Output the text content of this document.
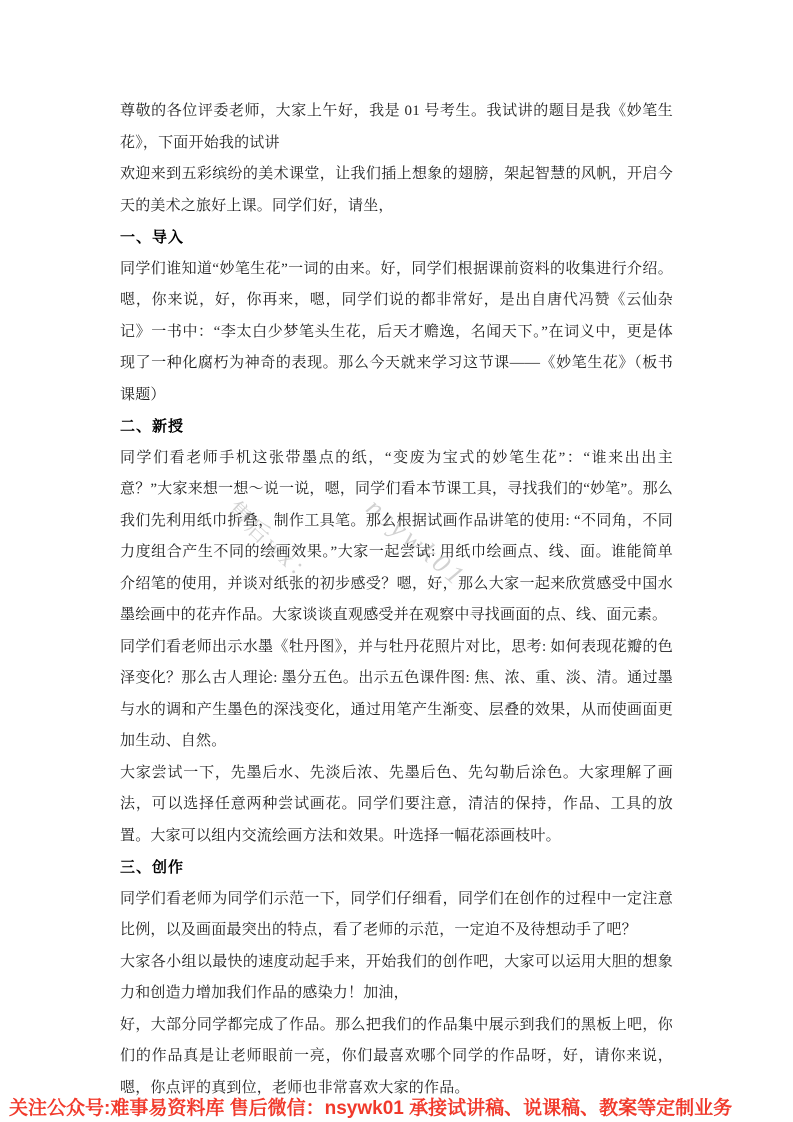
售后wx： nsywk01

尊敬的各位评委老师，大家上午好，我是 01 号考生。我试讲的题目是我《妙笔生花》，下面开始我的试讲

欢迎来到五彩缤纷的美术课堂，让我们插上想象的翅膀，架起智慧的风帆，开启今天的美术之旅好上课。同学们好，请坐，

一、导入

同学们谁知道“妙笔生花”一词的由来。好，同学们根据课前资料的收集进行介绍。嗯，你来说，好，你再来，嗯，同学们说的都非常好，是出自唐代冯赞《云仙杂记》一书中：“李太白少梦笔头生花，后天才赡逸，名闻天下。”在词义中，更是体现了一种化腐朽为神奇的表现。那么今天就来学习这节课——《妙笔生花》（板书课题）

二、新授

同学们看老师手机这张带墨点的纸，“变废为宝式的妙笔生花”：“谁来出出主意？”大家来想一想～说一说，嗯，同学们看本节课工具，寻找我们的“妙笔”。那么我们先利用纸巾折叠，制作工具笔。那么根据试画作品讲笔的使用: “不同角，不同力度组合产生不同的绘画效果。”大家一起尝试: 用纸巾绘画点、线、面。谁能简单介绍笔的使用，并谈对纸张的初步感受？嗯，好，那么大家一起来欣赏感受中国水墨绘画中的花卉作品。大家谈谈直观感受并在观察中寻找画面的点、线、面元素。

同学们看老师出示水墨《牡丹图》，并与牡丹花照片对比，思考: 如何表现花瓣的色泽变化？那么古人理论: 墨分五色。出示五色课件图: 焦、浓、重、淡、清。通过墨与水的调和产生墨色的深浅变化，通过用笔产生渐变、层叠的效果，从而使画面更加生动、自然。

大家尝试一下，先墨后水、先淡后浓、先墨后色、先勾勒后涂色。大家理解了画法，可以选择任意两种尝试画花。同学们要注意，清洁的保持，作品、工具的放置。大家可以组内交流绘画方法和效果。叶选择一幅花添画枝叶。

三、创作

同学们看老师为同学们示范一下，同学们仔细看，同学们在创作的过程中一定注意比例，以及画面最突出的特点，看了老师的示范，一定迫不及待想动手了吧？

大家各小组以最快的速度动起手来，开始我们的创作吧，大家可以运用大胆的想象力和创造力增加我们作品的感染力！加油，

好，大部分同学都完成了作品。那么把我们的作品集中展示到我们的黑板上吧，你们的作品真是让老师眼前一亮，你们最喜欢哪个同学的作品呀，好，请你来说，嗯，你点评的真到位，老师也非常喜欢大家的作品。

关注公众号:难事易资料库 售后微信：nsywk01 承接试讲稿、说课稿、教案等定制业务
